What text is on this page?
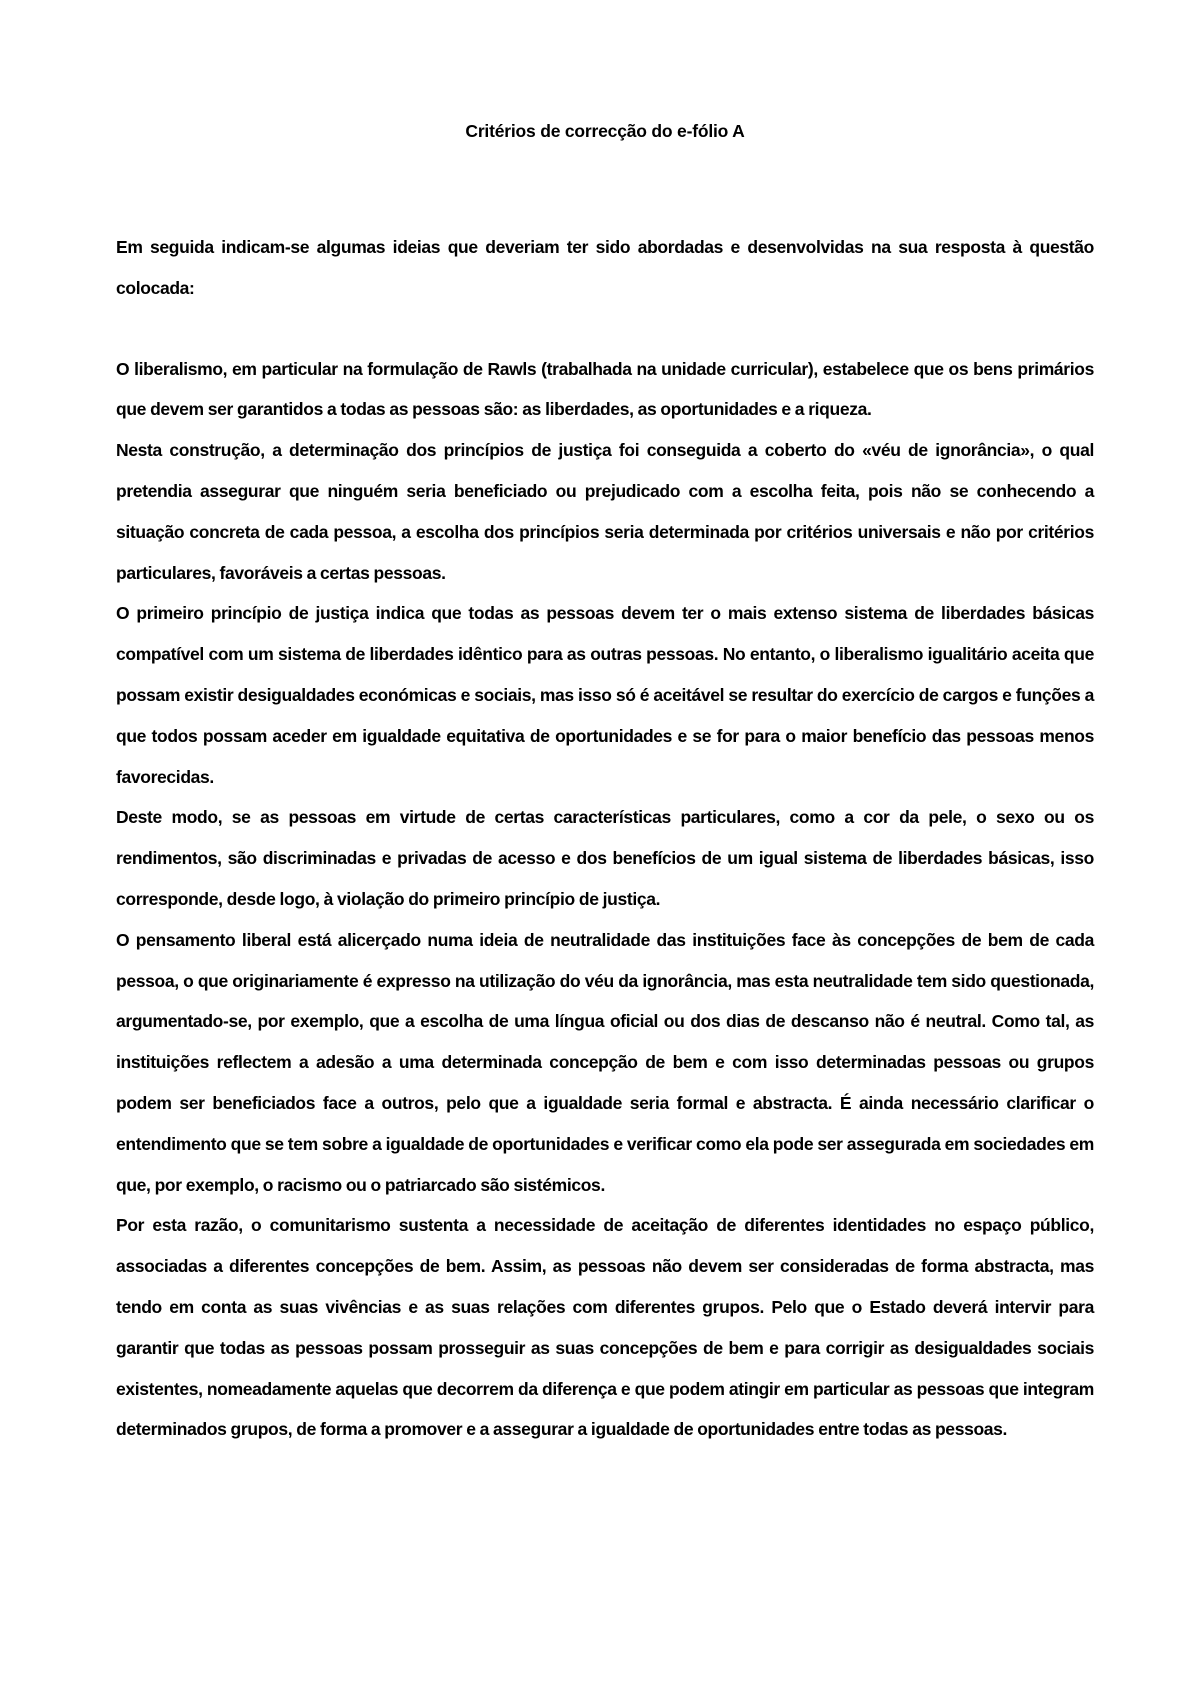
Critérios de correcção do e-fólio A

Em seguida indicam-se algumas ideias que deveriam ter sido abordadas e desenvolvidas na sua resposta à questão colocada:

O liberalismo, em particular na formulação de Rawls (trabalhada na unidade curricular), estabelece que os bens primários que devem ser garantidos a todas as pessoas são: as liberdades, as oportunidades e a riqueza.

Nesta construção, a determinação dos princípios de justiça foi conseguida a coberto do «véu de ignorância», o qual pretendia assegurar que ninguém seria beneficiado ou prejudicado com a escolha feita, pois não se conhecendo a situação concreta de cada pessoa, a escolha dos princípios seria determinada por critérios universais e não por critérios particulares, favoráveis a certas pessoas.

O primeiro princípio de justiça indica que todas as pessoas devem ter o mais extenso sistema de liberdades básicas compatível com um sistema de liberdades idêntico para as outras pessoas. No entanto, o liberalismo igualitário aceita que possam existir desigualdades económicas e sociais, mas isso só é aceitável se resultar do exercício de cargos e funções a que todos possam aceder em igualdade equitativa de oportunidades e se for para o maior benefício das pessoas menos favorecidas.

Deste modo, se as pessoas em virtude de certas características particulares, como a cor da pele, o sexo ou os rendimentos, são discriminadas e privadas de acesso e dos benefícios de um igual sistema de liberdades básicas, isso corresponde, desde logo, à violação do primeiro princípio de justiça.

O pensamento liberal está alicerçado numa ideia de neutralidade das instituições face às concepções de bem de cada pessoa, o que originariamente é expresso na utilização do véu da ignorância, mas esta neutralidade tem sido questionada, argumentado-se, por exemplo, que a escolha de uma língua oficial ou dos dias de descanso não é neutral. Como tal, as instituições reflectem a adesão a uma determinada concepção de bem e com isso determinadas pessoas ou grupos podem ser beneficiados face a outros, pelo que a igualdade seria formal e abstracta. É ainda necessário clarificar o entendimento que se tem sobre a igualdade de oportunidades e verificar como ela pode ser assegurada em sociedades em que, por exemplo, o racismo ou o patriarcado são sistémicos.

Por esta razão, o comunitarismo sustenta a necessidade de aceitação de diferentes identidades no espaço público, associadas a diferentes concepções de bem. Assim, as pessoas não devem ser consideradas de forma abstracta, mas tendo em conta as suas vivências e as suas relações com diferentes grupos. Pelo que o Estado deverá intervir para garantir que todas as pessoas possam prosseguir as suas concepções de bem e para corrigir as desigualdades sociais existentes, nomeadamente aquelas que decorrem da diferença e que podem atingir em particular as pessoas que integram determinados grupos, de forma a promover e a assegurar a igualdade de oportunidades entre todas as pessoas.
